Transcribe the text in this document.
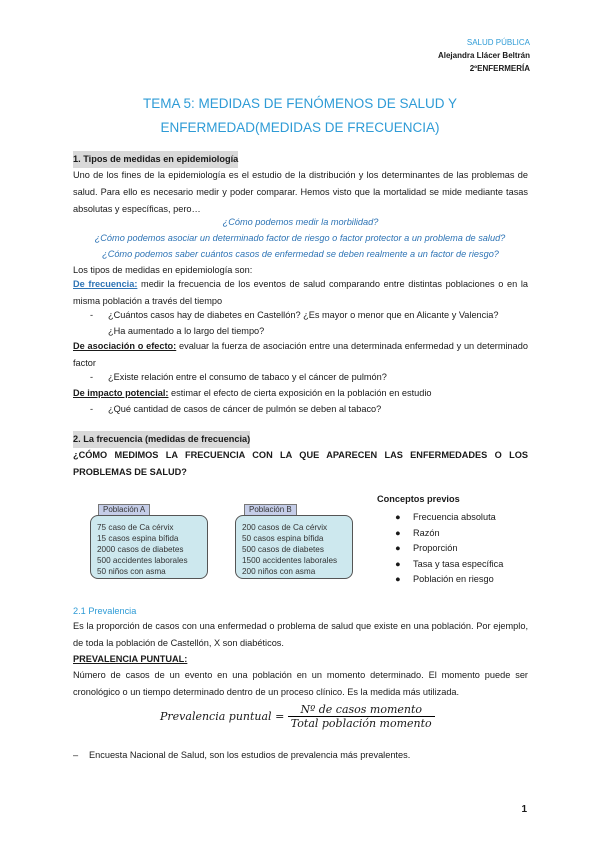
SALUD PÚBLICA
Alejandra Llácer Beltrán
2ºENFERMERÍA
TEMA 5: MEDIDAS DE FENÓMENOS DE SALUD Y
ENFERMEDAD(MEDIDAS DE FRECUENCIA)
1. Tipos de medidas en epidemiología
Uno de los fines de la epidemiología es el estudio de la distribución y los determinantes de las problemas de salud. Para ello es necesario medir y poder comparar. Hemos visto que la mortalidad se mide mediante tasas absolutas y específicas, pero…
¿Cómo podemos medir la morbilidad?
¿Cómo podemos asociar un determinado factor de riesgo o factor protector a un problema de salud?
¿Cómo podemos saber cuántos casos de enfermedad se deben realmente a un factor de riesgo?
Los tipos de medidas en epidemiología son:
De frecuencia: medir la frecuencia de los eventos de salud comparando entre distintas poblaciones o en la misma población a través del tiempo
- ¿Cuántos casos hay de diabetes en Castellón? ¿Es mayor o menor que en Alicante y Valencia?
¿Ha aumentado a lo largo del tiempo?
De asociación o efecto: evaluar la fuerza de asociación entre una determinada enfermedad y un determinado factor
- ¿Existe relación entre el consumo de tabaco y el cáncer de pulmón?
De impacto potencial: estimar el efecto de cierta exposición en la población en estudio
- ¿Qué cantidad de casos de cáncer de pulmón se deben al tabaco?
2. La frecuencia (medidas de frecuencia)
¿CÓMO MEDIMOS LA FRECUENCIA CON LA QUE APARECEN LAS ENFERMEDADES O LOS PROBLEMAS DE SALUD?
Población A
75 caso de Ca cérvix
15 casos espina bífida
2000 casos de diabetes
500 accidentes laborales
50 niños con asma
Población B
200 casos de Ca cérvix
50 casos espina bífida
500 casos de diabetes
1500 accidentes laborales
200 niños con asma
Conceptos previos
● Frecuencia absoluta
● Razón
● Proporción
● Tasa y tasa específica
● Población en riesgo
2.1 Prevalencia
Es la proporción de casos con una enfermedad o problema de salud que existe en una población. Por ejemplo, de toda la población de Castellón, X son diabéticos.
PREVALENCIA PUNTUAL:
Número de casos de un evento en una población en un momento determinado. El momento puede ser cronológico o un tiempo determinado dentro de un proceso clínico. Es la medida más utilizada.
Prevalencia puntual = $\frac{\text{Nº de casos momento}}{\text{Total población momento}}$
– Encuesta Nacional de Salud, son los estudios de prevalencia más prevalentes.
1
